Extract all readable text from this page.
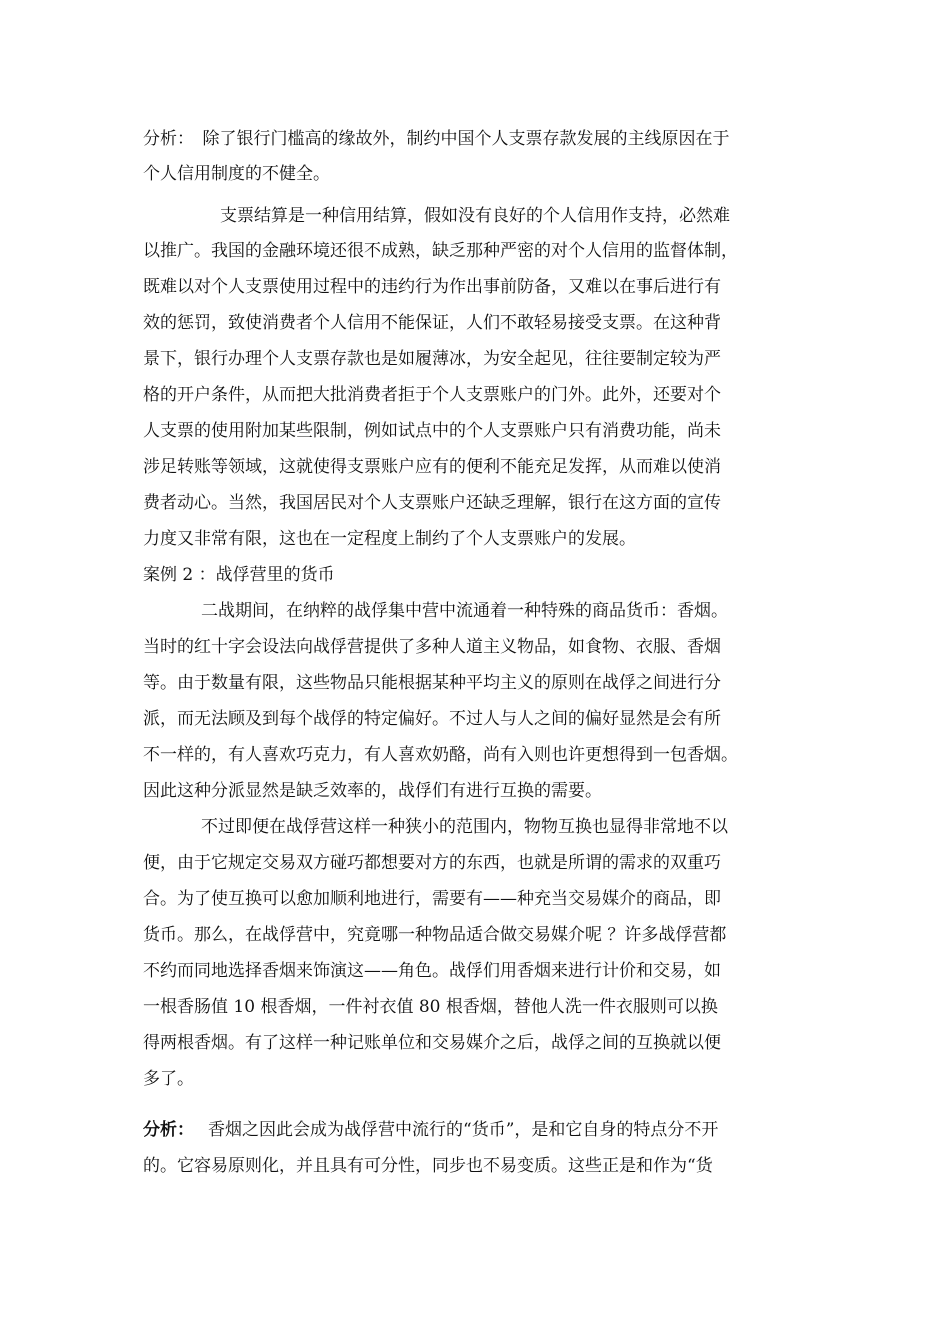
分析：　除了银行门槛高的缘故外，制约中国个人支票存款发展的主线原因在于
个人信用制度的不健全。
支票结算是一种信用结算，假如没有良好的个人信用作支持，必然难
以推广。我国的金融环境还很不成熟，缺乏那种严密的对个人信用的监督体制，
既难以对个人支票使用过程中的违约行为作出事前防备，又难以在事后进行有
效的惩罚，致使消费者个人信用不能保证，人们不敢轻易接受支票。在这种背
景下，银行办理个人支票存款也是如履薄冰，为安全起见，往往要制定较为严
格的开户条件，从而把大批消费者拒于个人支票账户的门外。此外，还要对个
人支票的使用附加某些限制，例如试点中的个人支票账户只有消费功能，尚未
涉足转账等领域，这就使得支票账户应有的便利不能充足发挥，从而难以使消
费者动心。当然，我国居民对个人支票账户还缺乏理解，银行在这方面的宣传
力度又非常有限，这也在一定程度上制约了个人支票账户的发展。
案例 2 ：战俘营里的货币
二战期间，在纳粹的战俘集中营中流通着一种特殊的商品货币：香烟。
当时的红十字会设法向战俘营提供了多种人道主义物品，如食物、衣服、香烟
等。由于数量有限，这些物品只能根据某种平均主义的原则在战俘之间进行分
派，而无法顾及到每个战俘的特定偏好。不过人与人之间的偏好显然是会有所
不一样的，有人喜欢巧克力，有人喜欢奶酪，尚有入则也许更想得到一包香烟。
因此这种分派显然是缺乏效率的，战俘们有进行互换的需要。
不过即便在战俘营这样一种狭小的范围内，物物互换也显得非常地不以
便，由于它规定交易双方碰巧都想要对方的东西，也就是所谓的需求的双重巧
合。为了使互换可以愈加顺利地进行，需要有——种充当交易媒介的商品，即
货币。那么，在战俘营中，究竟哪一种物品适合做交易媒介呢 ？许多战俘营都
不约而同地选择香烟来饰演这——角色。战俘们用香烟来进行计价和交易，如
一根香肠值 10 根香烟，一件衬衣值 80 根香烟，替他人洗一件衣服则可以换
得两根香烟。有了这样一种记账单位和交易媒介之后，战俘之间的互换就以便
多了。
分析： 香烟之因此会成为战俘营中流行的“货币”，是和它自身的特点分不开
的。它容易原则化，并且具有可分性，同步也不易变质。这些正是和作为“货
